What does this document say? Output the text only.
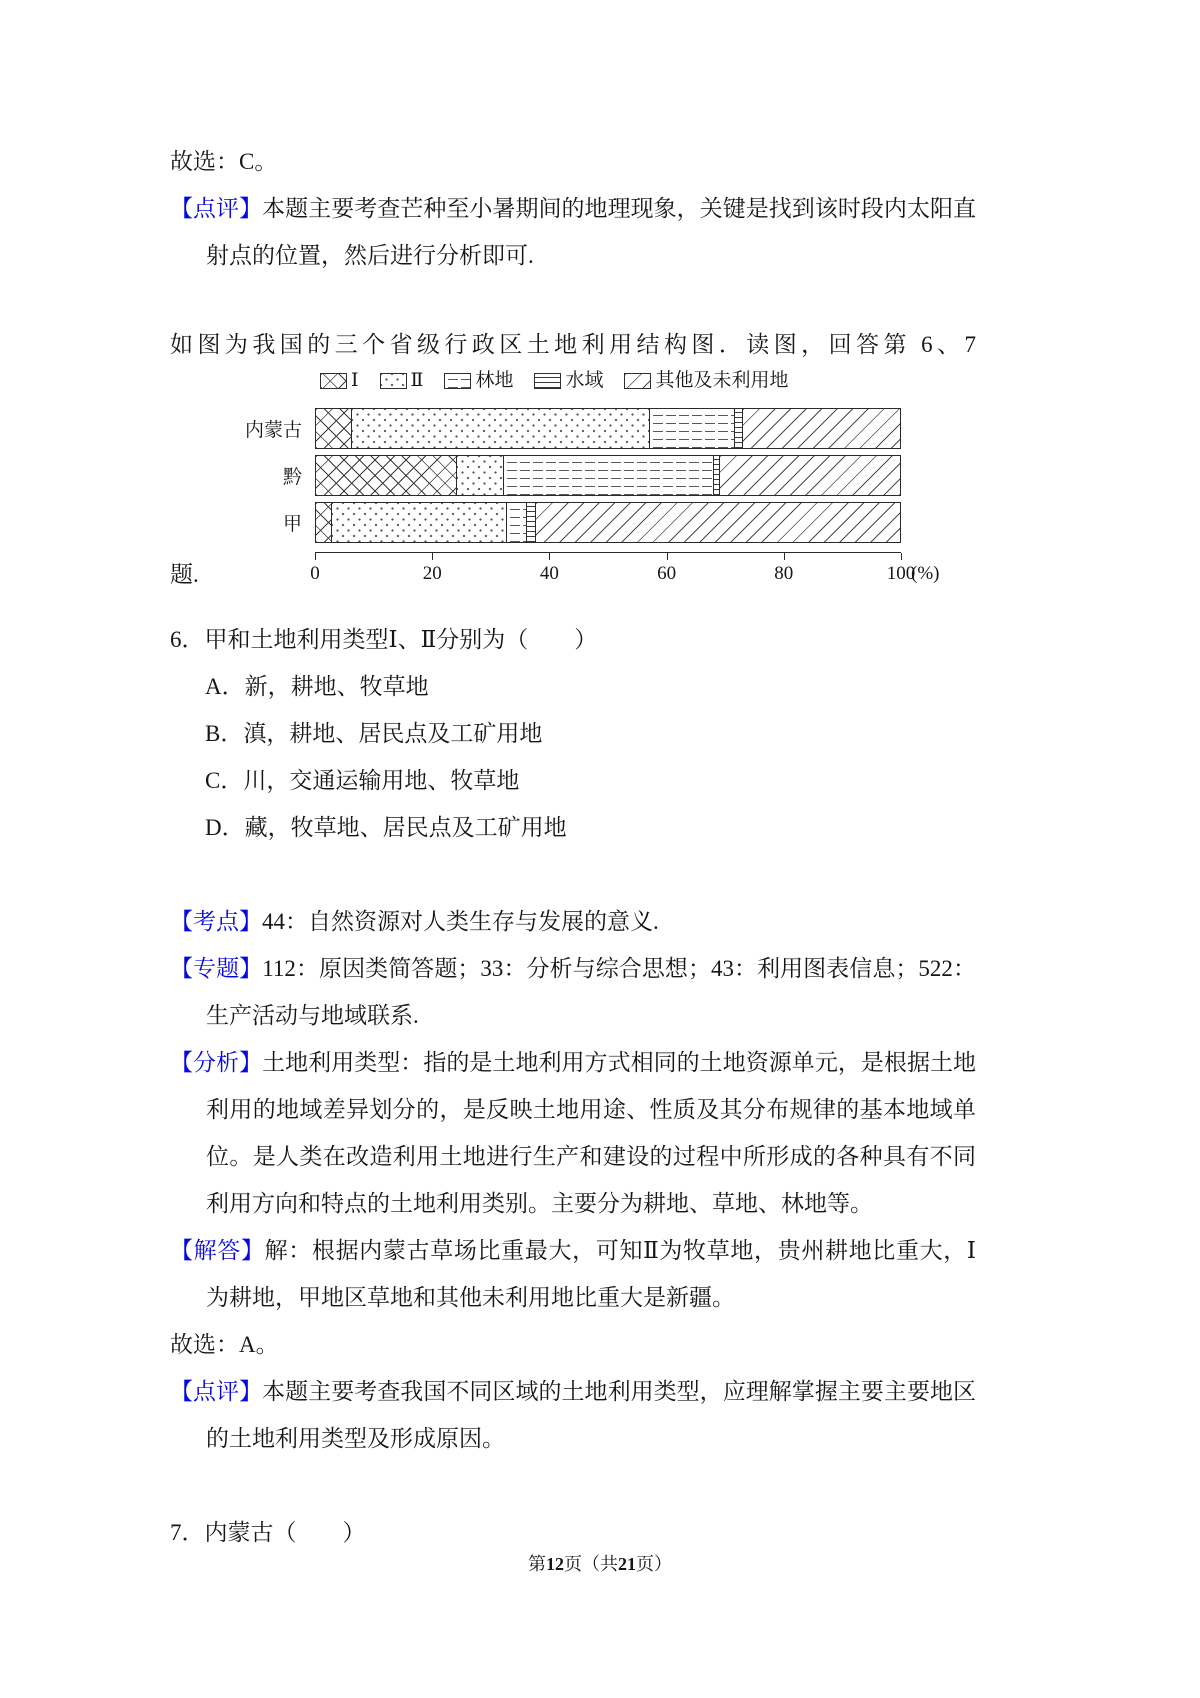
故选：C。

【点评】本题主要考查芒种至小暑期间的地理现象，关键是找到该时段内太阳直射点的位置，然后进行分析即可.

如图为我国的三个省级行政区土地利用结构图．读图，回答第 6、7

Ⅰ	Ⅱ	林地	水域	其他及未利用地
内蒙古
黔
甲
0	20	40	60	80	100
(%)

题.

6．甲和土地利用类型Ⅰ、Ⅱ分别为（　　）

A．新，耕地、牧草地

B．滇，耕地、居民点及工矿用地

C．川，交通运输用地、牧草地

D．藏，牧草地、居民点及工矿用地

【考点】44：自然资源对人类生存与发展的意义.

【专题】112：原因类简答题；33：分析与综合思想；43：利用图表信息；522：生产活动与地域联系.

【分析】土地利用类型：指的是土地利用方式相同的土地资源单元，是根据土地利用的地域差异划分的，是反映土地用途、性质及其分布规律的基本地域单位。是人类在改造利用土地进行生产和建设的过程中所形成的各种具有不同利用方向和特点的土地利用类别。主要分为耕地、草地、林地等。

【解答】解：根据内蒙古草场比重最大，可知Ⅱ为牧草地，贵州耕地比重大，Ⅰ为耕地，甲地区草地和其他未利用地比重大是新疆。

故选：A。

【点评】本题主要考查我国不同区域的土地利用类型，应理解掌握主要主要地区的土地利用类型及形成原因。

7．内蒙古（　　）

第12页（共21页）
